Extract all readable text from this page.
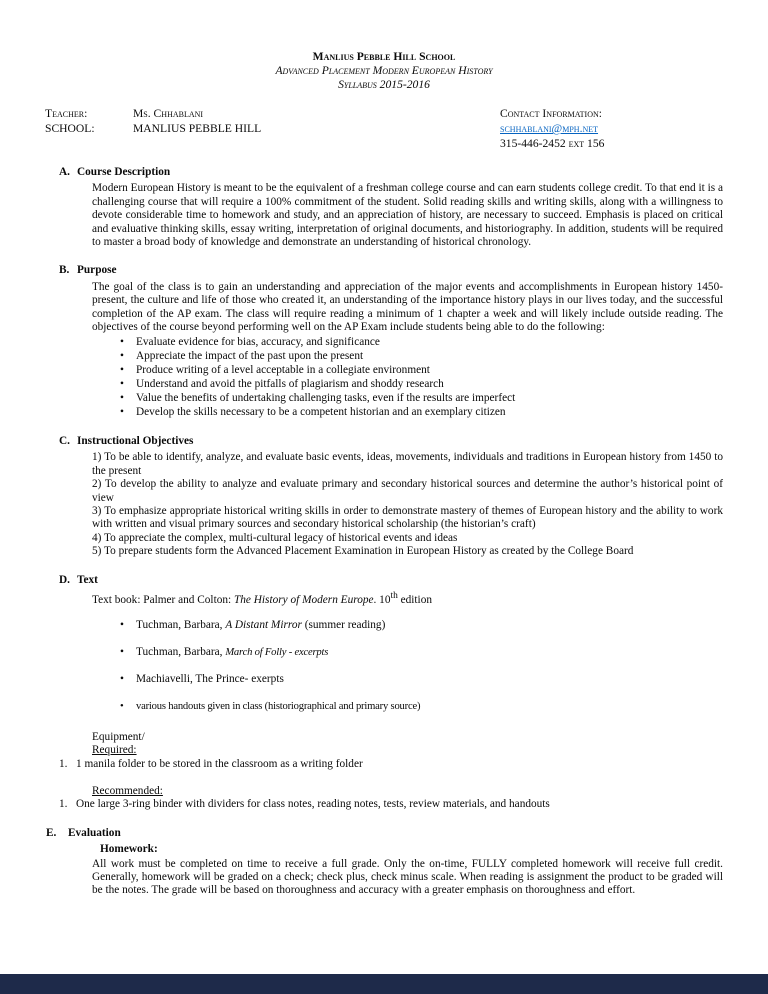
Manlius Pebble Hill School
Advanced Placement Modern European History
Syllabus 2015-2016
Teacher:	Ms. Chhablani
SCHOOL:	MANLIUS PEBBLE HILL
Contact Information:
schhablani@mph.net
315-446-2452 ext 156
A. Course Description

Modern European History is meant to be the equivalent of a freshman college course and can earn students college credit. To that end it is a challenging course that will require a 100% commitment of the student. Solid reading skills and writing skills, along with a willingness to devote considerable time to homework and study, and an appreciation of history, are necessary to succeed. Emphasis is placed on critical and evaluative thinking skills, essay writing, interpretation of original documents, and historiography. In addition, students will be required to master a broad body of knowledge and demonstrate an understanding of historical chronology.

B. Purpose

The goal of the class is to gain an understanding and appreciation of the major events and accomplishments in European history 1450- present, the culture and life of those who created it, an understanding of the importance history plays in our lives today, and the successful completion of the AP exam. The class will require reading a minimum of 1 chapter a week and will likely include outside reading. The objectives of the course beyond performing well on the AP Exam include students being able to do the following:

• Evaluate evidence for bias, accuracy, and significance
• Appreciate the impact of the past upon the present
• Produce writing of a level acceptable in a collegiate environment
• Understand and avoid the pitfalls of plagiarism and shoddy research
• Value the benefits of undertaking challenging tasks, even if the results are imperfect
• Develop the skills necessary to be a competent historian and an exemplary citizen
C. Instructional Objectives

1) To be able to identify, analyze, and evaluate basic events, ideas, movements, individuals and traditions in European history from 1450 to the present

2) To develop the ability to analyze and evaluate primary and secondary historical sources and determine the author’s historical point of view

3) To emphasize appropriate historical writing skills in order to demonstrate mastery of themes of European history and the ability to work with written and visual primary sources and secondary historical scholarship (the historian’s craft)

4) To appreciate the complex, multi-cultural legacy of historical events and ideas

5) To prepare students form the Advanced Placement Examination in European History as created by the College Board

D. Text

Text book: Palmer and Colton: The History of Modern Europe. 10th edition

• Tuchman, Barbara, A Distant Mirror (summer reading)
• Tuchman, Barbara, March of Folly - excerpts
• Machiavelli, The Prince- exerpts
• various handouts given in class (historiographical and primary source)
Equipment/
Required:
1. 1 manila folder to be stored in the classroom as a writing folder
Recommended:
1. One large 3-ring binder with dividers for class notes, reading notes, tests, review materials, and handouts
E.	Evaluation
Homework:

All work must be completed on time to receive a full grade. Only the on-time, FULLY completed homework will receive full credit. Generally, homework will be graded on a check; check plus, check minus scale. When reading is assignment the product to be graded will be the notes. The grade will be based on thoroughness and accuracy with a greater emphasis on thoroughness and effort.
